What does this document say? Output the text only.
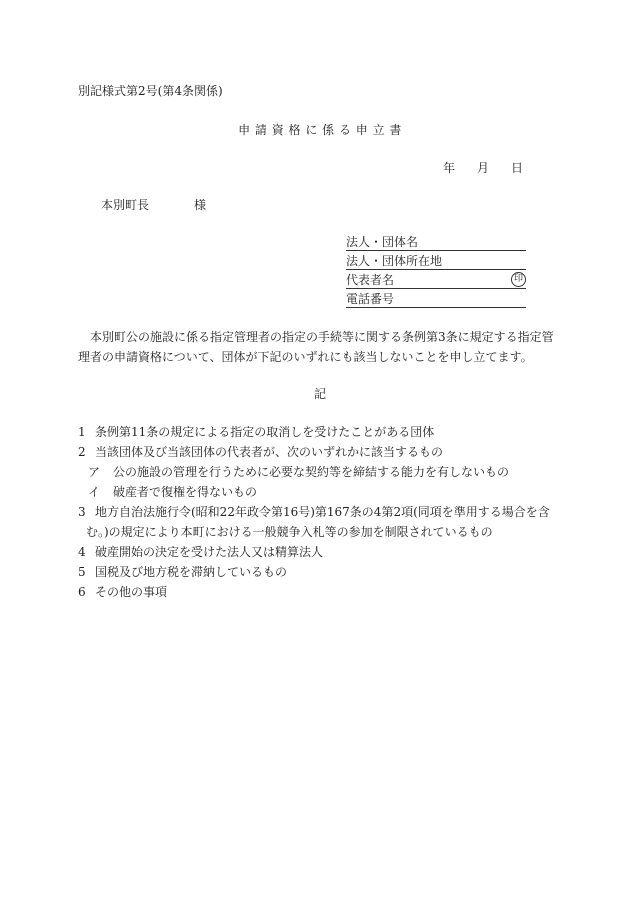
別記様式第2号(第4条関係)
申 請 資 格 に 係 る 申 立 書
年 月 日
本別町長	様
法人・団体名
法人・団体所在地
代表者名	印
電話番号
本別町公の施設に係る指定管理者の指定の手続等に関する条例第3条に規定する指定管理者の申請資格について、団体が下記のいずれにも該当しないことを申し立てます。
記
1 条例第11条の規定による指定の取消しを受けたことがある団体
2 当該団体及び当該団体の代表者が、次のいずれかに該当するもの
ア 公の施設の管理を行うために必要な契約等を締結する能力を有しないもの
イ 破産者で復権を得ないもの
3 地方自治法施行令(昭和22年政令第16号)第167条の4第2項(同項を準用する場合を含
む。)の規定により本町における一般競争入札等の参加を制限されているもの
4 破産開始の決定を受けた法人又は精算法人
5 国税及び地方税を滞納しているもの
6 その他の事項
